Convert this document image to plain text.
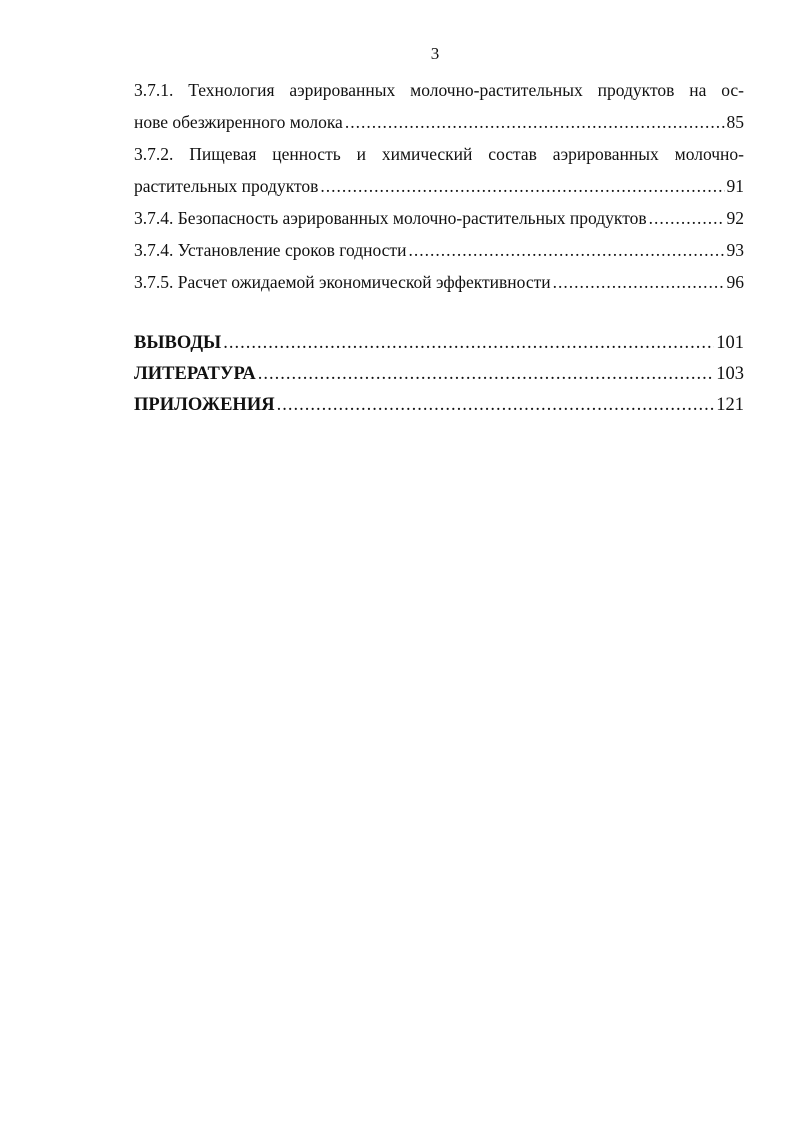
3
3.7.1. Технология аэрированных молочно-растительных продуктов на ос-
нове обезжиренного молока .....	85
3.7.2. Пищевая ценность и химический состав аэрированных молочно-
растительных продуктов .....	91
3.7.4. Безопасность аэрированных молочно-растительных продуктов .....	92
3.7.4. Установление сроков годности .....	93
3.7.5. Расчет ожидаемой экономической эффективности .....	96
ВЫВОДЫ .....	101
ЛИТЕРАТУРА .....	103
ПРИЛОЖЕНИЯ .....	121
